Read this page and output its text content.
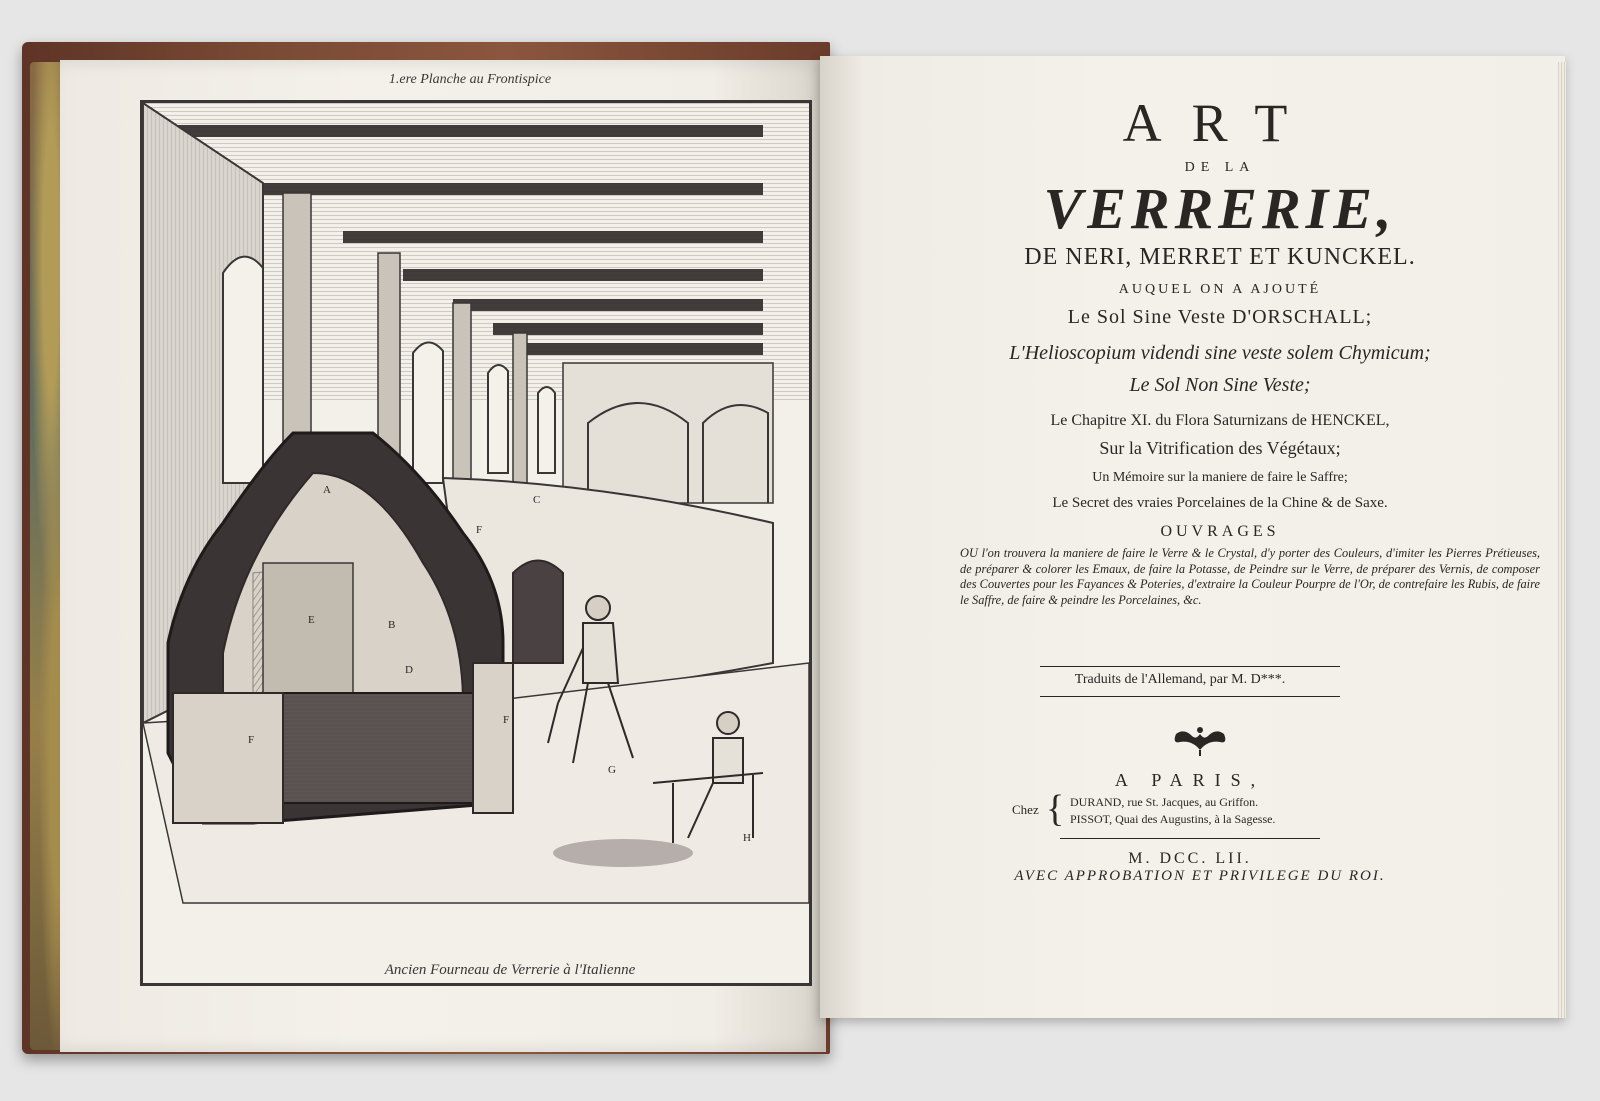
1.ere Planche au Frontispice
A
B
C
D
E
F
F
F
G
H
Ancien Fourneau de Verrerie à l'Italienne
ART
DE LA
VERRERIE,
DE NERI, MERRET ET KUNCKEL.
AUQUEL ON A AJOUTÉ
Le Sol Sine Veste D'ORSCHALL;
L'Helioscopium videndi sine veste solem Chymicum;
Le Sol Non Sine Veste;
Le Chapitre XI. du Flora Saturnizans de HENCKEL,
Sur la Vitrification des Végétaux;
Un Mémoire sur la maniere de faire le Saffre;
Le Secret des vraies Porcelaines de la Chine & de Saxe.
OUVRAGES
OU l'on trouvera la maniere de faire le Verre & le Crystal, d'y porter des Couleurs, d'imiter les Pierres Prétieuses, de préparer & colorer les Emaux, de faire la Potasse, de Peindre sur le Verre, de préparer des Vernis, de composer des Couvertes pour les Fayances & Poteries, d'extraire la Couleur Pourpre de l'Or, de contrefaire les Rubis, de faire le Saffre, de faire & peindre les Porcelaines, &c.
Traduits de l'Allemand, par M. D***.
A PARIS,
Chez { DURAND, rue St. Jacques, au Griffon.
PISSOT, Quai des Augustins, à la Sagesse.
M. DCC. LII.
AVEC APPROBATION ET PRIVILEGE DU ROI.
